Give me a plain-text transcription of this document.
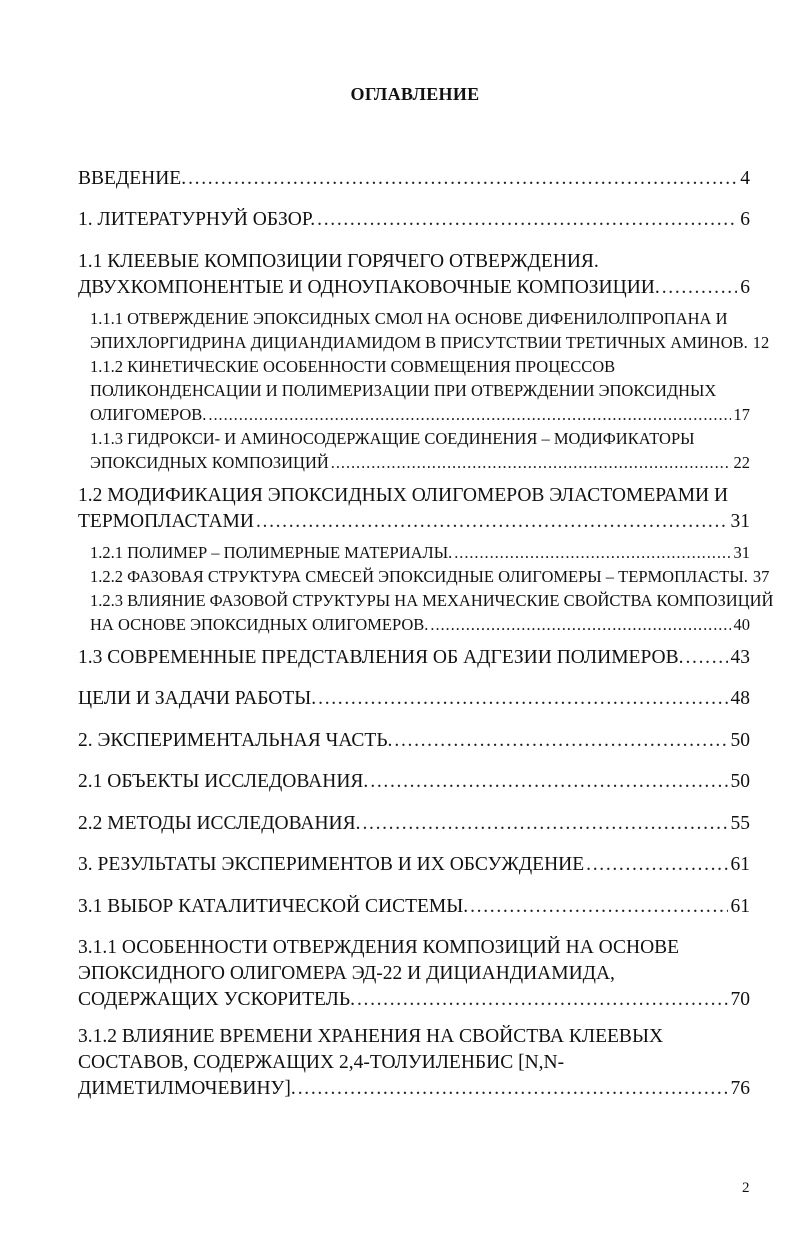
ОГЛАВЛЕНИЕ
ВВЕДЕНИЕ. . . .	4
1. ЛИТЕРАТУРНУЙ ОБЗОР. . . .	6
1.1 КЛЕЕВЫЕ КОМПОЗИЦИИ ГОРЯЧЕГО ОТВЕРЖДЕНИЯ.
ДВУХКОМПОНЕНТЫЕ И ОДНОУПАКОВОЧНЫЕ КОМПОЗИЦИИ. . . .	6
1.1.1 ОТВЕРЖДЕНИЕ ЭПОКСИДНЫХ СМОЛ НА ОСНОВЕ ДИФЕНИЛОЛПРОПАНА И
ЭПИХЛОРГИДРИНА ДИЦИАНДИАМИДОМ В ПРИСУТСТВИИ ТРЕТИЧНЫХ АМИНОВ. 12
1.1.2 КИНЕТИЧЕСКИЕ ОСОБЕННОСТИ СОВМЕЩЕНИЯ ПРОЦЕССОВ
ПОЛИКОНДЕНСАЦИИ И ПОЛИМЕРИЗАЦИИ ПРИ ОТВЕРЖДЕНИИ ЭПОКСИДНЫХ
ОЛИГОМЕРОВ. . . .	17
1.1.3 ГИДРОКСИ- И АМИНОСОДЕРЖАЩИЕ СОЕДИНЕНИЯ – МОДИФИКАТОРЫ
ЭПОКСИДНЫХ КОМПОЗИЦИЙ . . .	22
1.2 МОДИФИКАЦИЯ ЭПОКСИДНЫХ ОЛИГОМЕРОВ ЭЛАСТОМЕРАМИ И
ТЕРМОПЛАСТАМИ . . .	31
1.2.1 ПОЛИМЕР – ПОЛИМЕРНЫЕ МАТЕРИАЛЫ. . . .	31
1.2.2 ФАЗОВАЯ СТРУКТУРА СМЕСЕЙ ЭПОКСИДНЫЕ ОЛИГОМЕРЫ – ТЕРМОПЛАСТЫ. 37
1.2.3 ВЛИЯНИЕ ФАЗОВОЙ СТРУКТУРЫ НА МЕХАНИЧЕСКИЕ СВОЙСТВА КОМПОЗИЦИЙ
НА ОСНОВЕ ЭПОКСИДНЫХ ОЛИГОМЕРОВ. . . .	40
1.3 СОВРЕМЕННЫЕ ПРЕДСТАВЛЕНИЯ ОБ АДГЕЗИИ ПОЛИМЕРОВ. . . . 43
ЦЕЛИ И ЗАДАЧИ РАБОТЫ. . . .	48
2. ЭКСПЕРИМЕНТАЛЬНАЯ ЧАСТЬ. . . .	50
2.1 ОБЪЕКТЫ ИССЛЕДОВАНИЯ. . . .	50
2.2 МЕТОДЫ ИССЛЕДОВАНИЯ. . . .	55
3. РЕЗУЛЬТАТЫ ЭКСПЕРИМЕНТОВ И ИХ ОБСУЖДЕНИЕ . . .	61
3.1 ВЫБОР КАТАЛИТИЧЕСКОЙ СИСТЕМЫ. . . .	61
3.1.1 ОСОБЕННОСТИ ОТВЕРЖДЕНИЯ КОМПОЗИЦИЙ НА ОСНОВЕ
ЭПОКСИДНОГО ОЛИГОМЕРА ЭД-22 И ДИЦИАНДИАМИДА,
СОДЕРЖАЩИХ УСКОРИТЕЛЬ. . . .	70
3.1.2 ВЛИЯНИЕ ВРЕМЕНИ ХРАНЕНИЯ НА СВОЙСТВА КЛЕЕВЫХ
СОСТАВОВ, СОДЕРЖАЩИХ 2,4-ТОЛУИЛЕНБИС [N,N-
ДИМЕТИЛМОЧЕВИНУ]. . . .	76
2
